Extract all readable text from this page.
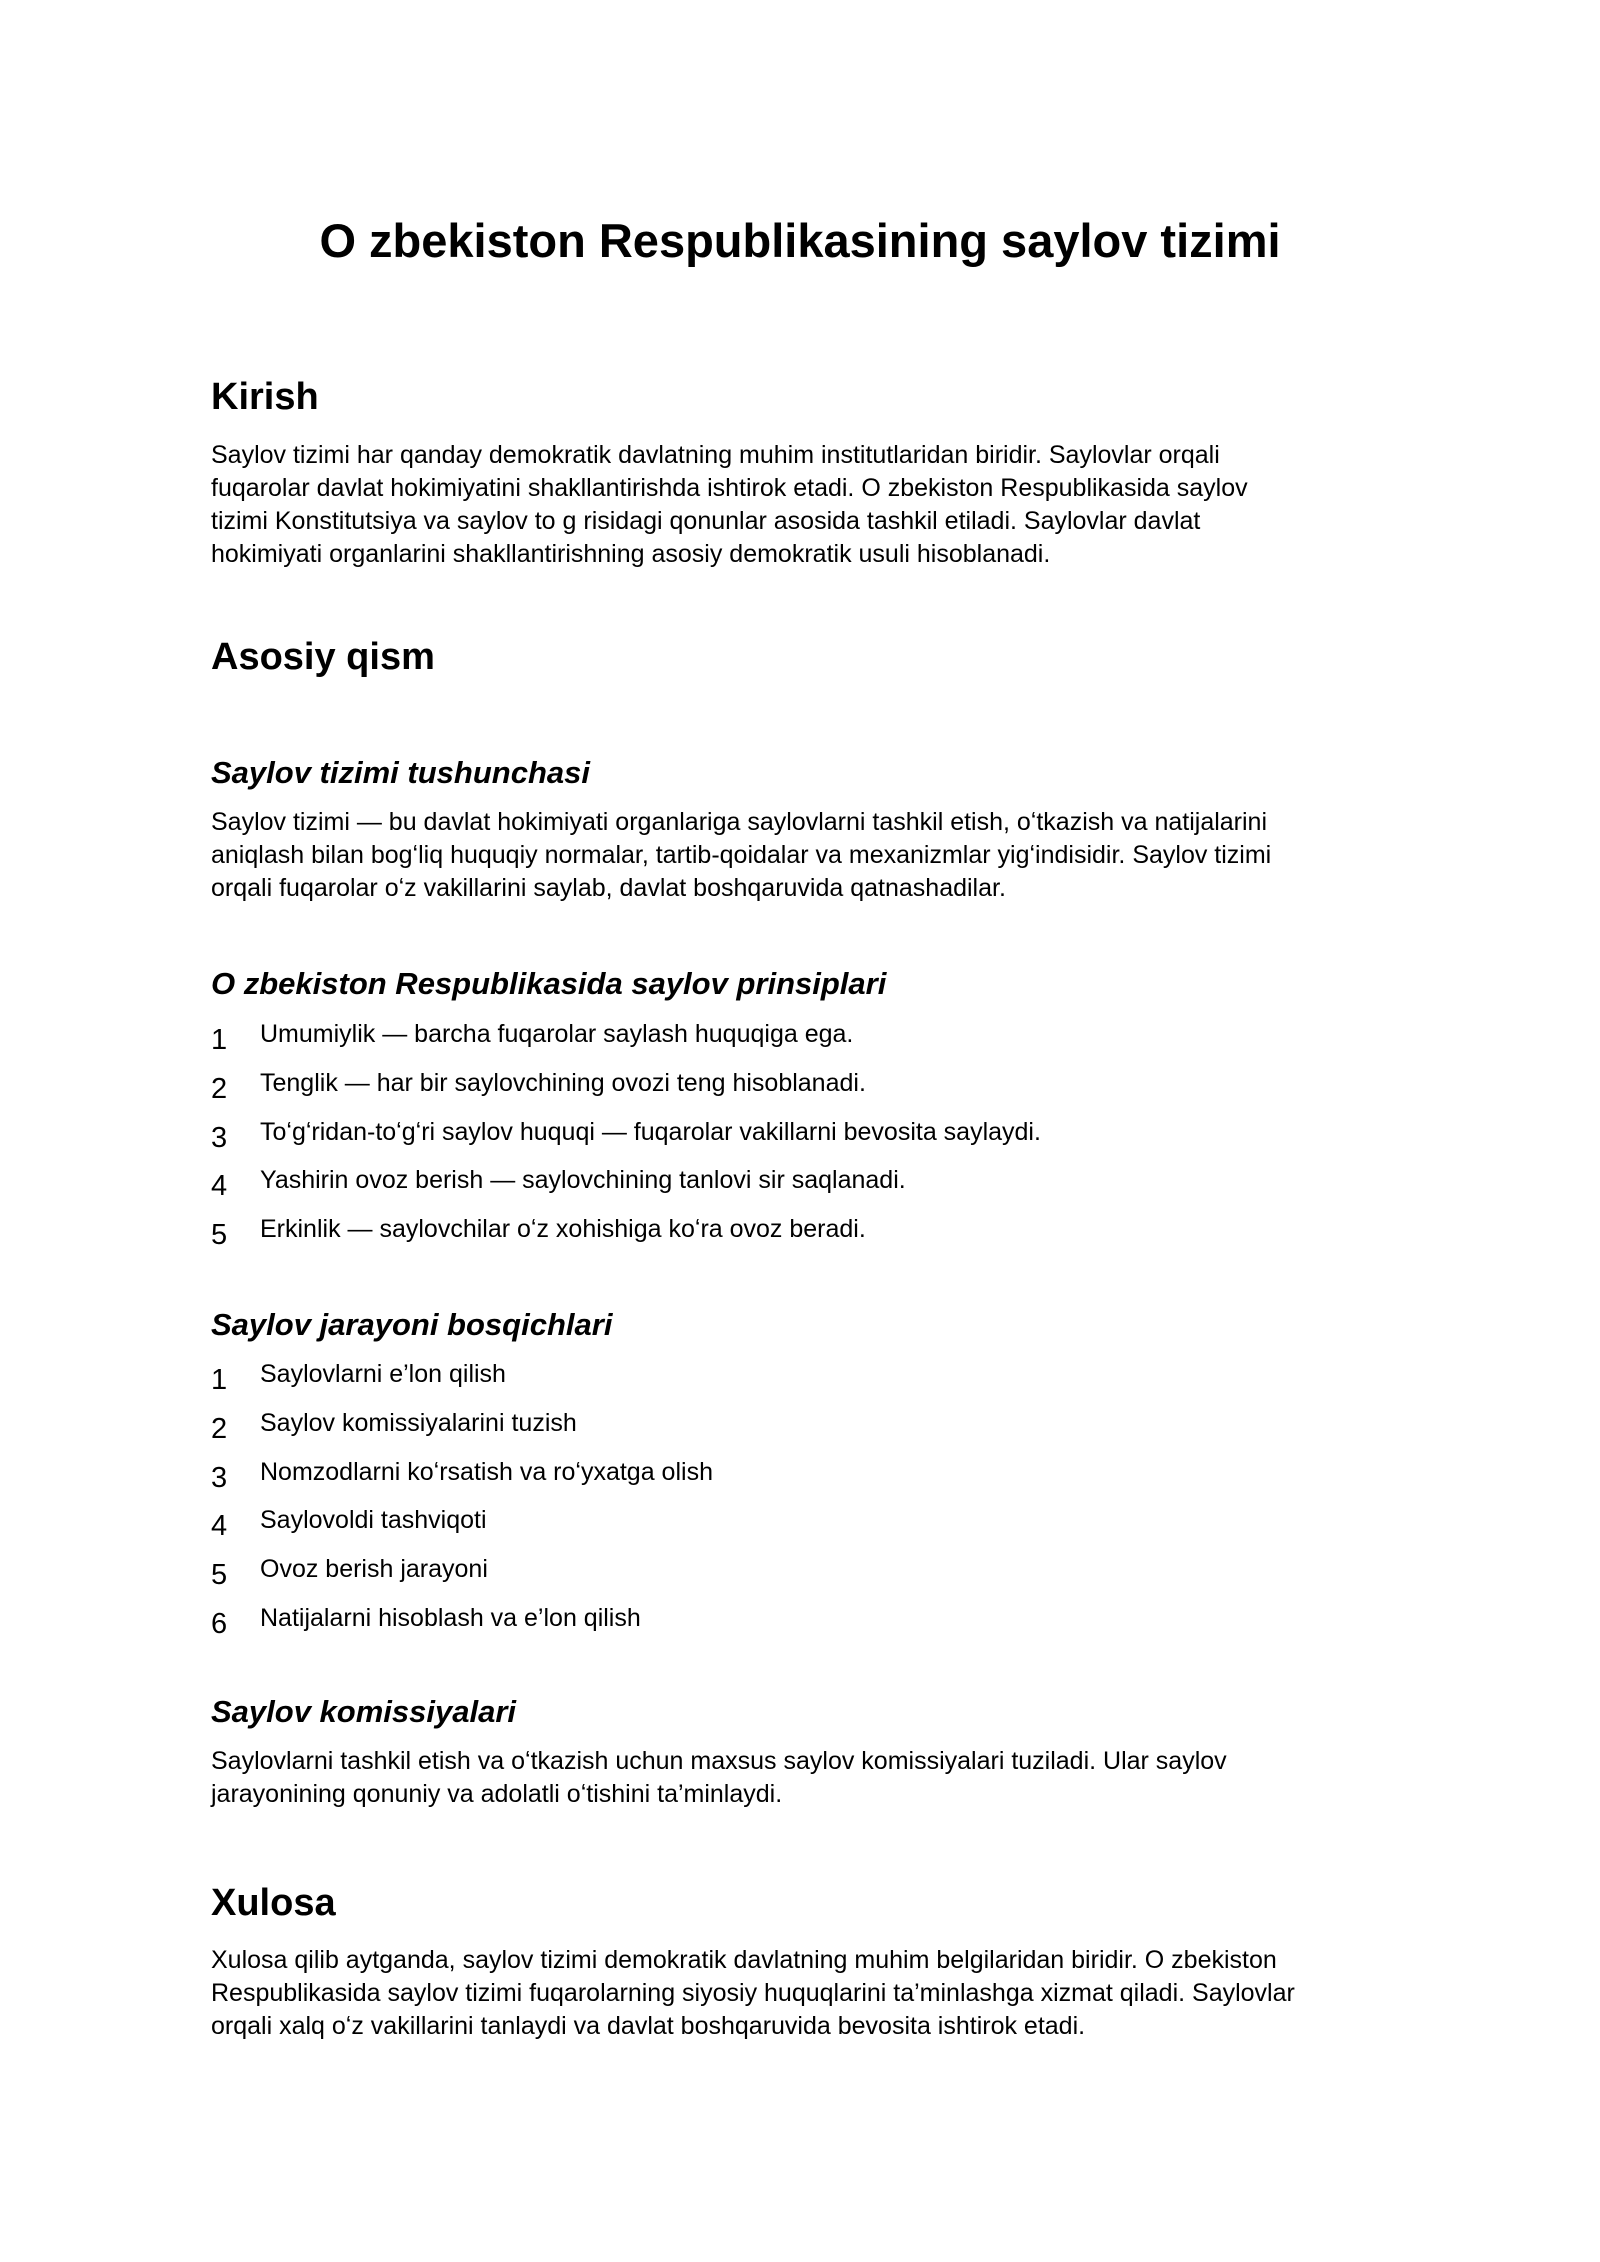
O zbekiston Respublikasining saylov tizimi
Kirish

Saylov tizimi har qanday demokratik davlatning muhim institutlaridan biridir. Saylovlar orqali
fuqarolar davlat hokimiyatini shakllantirishda ishtirok etadi. O zbekiston Respublikasida saylov
tizimi Konstitutsiya va saylov to g risidagi qonunlar asosida tashkil etiladi. Saylovlar davlat
hokimiyati organlarini shakllantirishning asosiy demokratik usuli hisoblanadi.

Asosiy qism
Saylov tizimi tushunchasi

Saylov tizimi — bu davlat hokimiyati organlariga saylovlarni tashkil etish, oʻtkazish va natijalarini
aniqlash bilan bogʻliq huquqiy normalar, tartib-qoidalar va mexanizmlar yigʻindisidir. Saylov tizimi
orqali fuqarolar oʻz vakillarini saylab, davlat boshqaruvida qatnashadilar.

O zbekiston Respublikasida saylov prinsiplari
1 Umumiylik — barcha fuqarolar saylash huquqiga ega.
2 Tenglik — har bir saylovchining ovozi teng hisoblanadi.
3 Toʻgʻridan-toʻgʻri saylov huquqi — fuqarolar vakillarni bevosita saylaydi.
4 Yashirin ovoz berish — saylovchining tanlovi sir saqlanadi.
5 Erkinlik — saylovchilar oʻz xohishiga koʻra ovoz beradi.
Saylov jarayoni bosqichlari
1 Saylovlarni e’lon qilish
2 Saylov komissiyalarini tuzish
3 Nomzodlarni koʻrsatish va roʻyxatga olish
4 Saylovoldi tashviqoti
5 Ovoz berish jarayoni
6 Natijalarni hisoblash va e’lon qilish
Saylov komissiyalari

Saylovlarni tashkil etish va oʻtkazish uchun maxsus saylov komissiyalari tuziladi. Ular saylov
jarayonining qonuniy va adolatli oʻtishini ta’minlaydi.

Xulosa

Xulosa qilib aytganda, saylov tizimi demokratik davlatning muhim belgilaridan biridir. O zbekiston
Respublikasida saylov tizimi fuqarolarning siyosiy huquqlarini ta’minlashga xizmat qiladi. Saylovlar
orqali xalq oʻz vakillarini tanlaydi va davlat boshqaruvida bevosita ishtirok etadi.
